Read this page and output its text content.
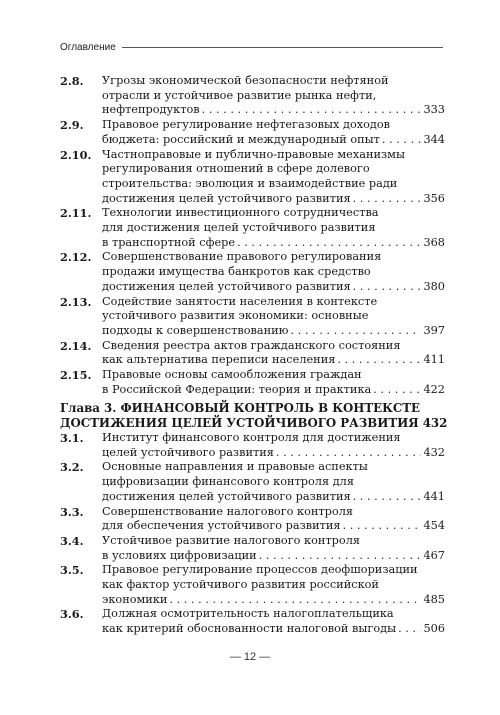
Оглавление
2.8.	Угрозы экономической безопасности нефтяной
отрасли и устойчивое развитие рынка нефти,
нефтепродуктов . . .	333
2.9.	Правовое регулирование нефтегазовых доходов
бюджета: российский и международный опыт . . .	344
2.10. Частноправовые и публично-правовые механизмы
регулирования отношений в сфере долевого
строительства: эволюция и взаимодействие ради
достижения целей устойчивого развития . . .	356
2.11. Технологии инвестиционного сотрудничества
для достижения целей устойчивого развития
в транспортной сфере . . .	368
2.12. Совершенствование правового регулирования
продажи имущества банкротов как средство
достижения целей устойчивого развития . . .	380
2.13. Содействие занятости населения в контексте
устойчивого развития экономики: основные
подходы к совершенствованию . . .	397
2.14. Сведения реестра актов гражданского состояния
как альтернатива переписи населения . . .	411
2.15. Правовые основы самообложения граждан
в Российской Федерации: теория и практика . . .	422
Глава 3. ФИНАНСОВЫЙ КОНТРОЛЬ В КОНТЕКСТЕ
ДОСТИЖЕНИЯ ЦЕЛЕЙ УСТОЙЧИВОГО РАЗВИТИЯ 432
3.1.	Институт финансового контроля для достижения
целей устойчивого развития . . .	432
3.2.	Основные направления и правовые аспекты
цифровизации финансового контроля для
достижения целей устойчивого развития . . .	441
3.3.	Совершенствование налогового контроля
для обеспечения устойчивого развития . . .	454
3.4.	Устойчивое развитие налогового контроля
в условиях цифровизации . . .	467
3.5.	Правовое регулирование процессов деофшоризации
как фактор устойчивого развития российской
экономики . . .	485
3.6.	Должная осмотрительность налогоплательщика
как критерий обоснованности налоговой выгоды . . . 506
— 12 —
